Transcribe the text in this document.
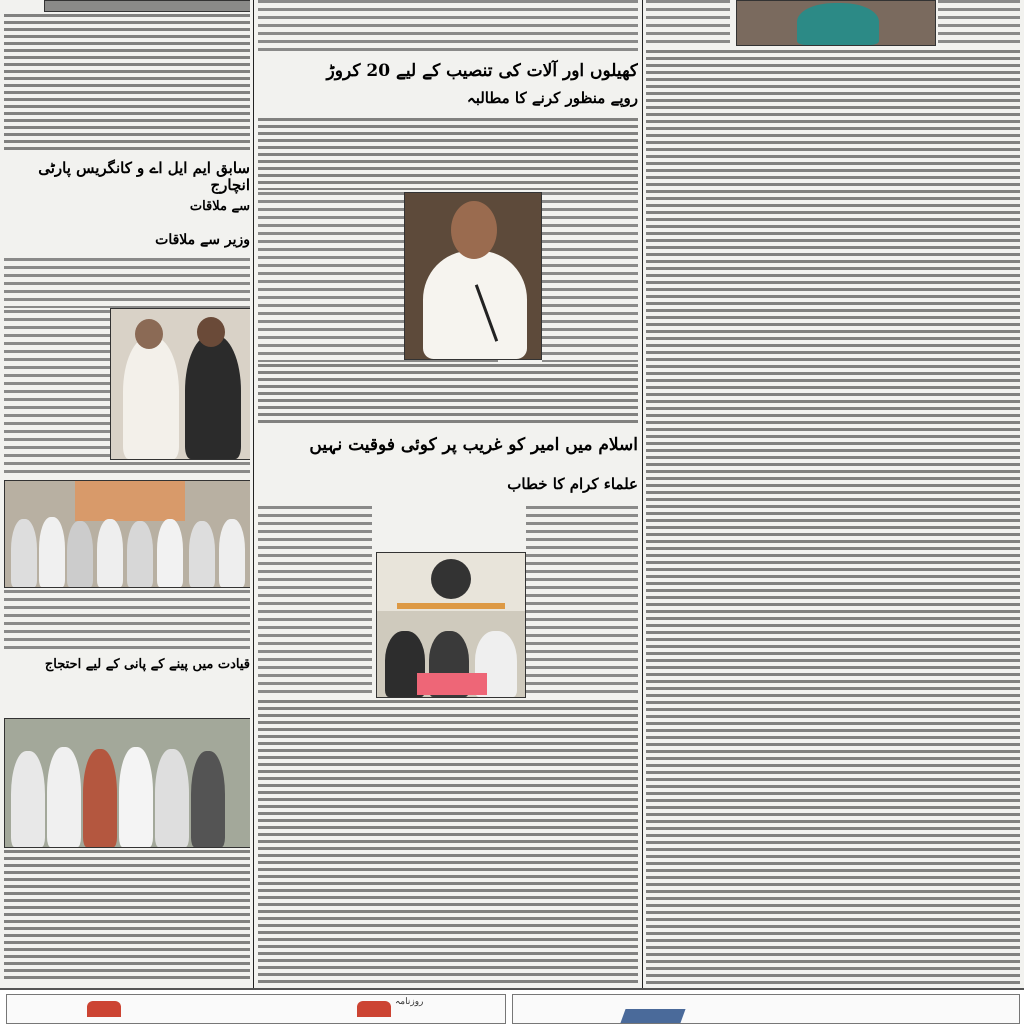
سابق ایم ایل اے و کانگریس پارٹی انچارج
سے ملاقات
وزیر سے ملاقات
قیادت میں پینے کے پانی کے لیے احتجاج
کھیلوں اور آلات کی تنصیب کے لیے 20 کروڑ
روپے منظور کرنے کا مطالبہ
اسلام میں امیر کو غریب پر کوئی فوقیت نہیں
علماء کرام کا خطاب
روزنامہ
